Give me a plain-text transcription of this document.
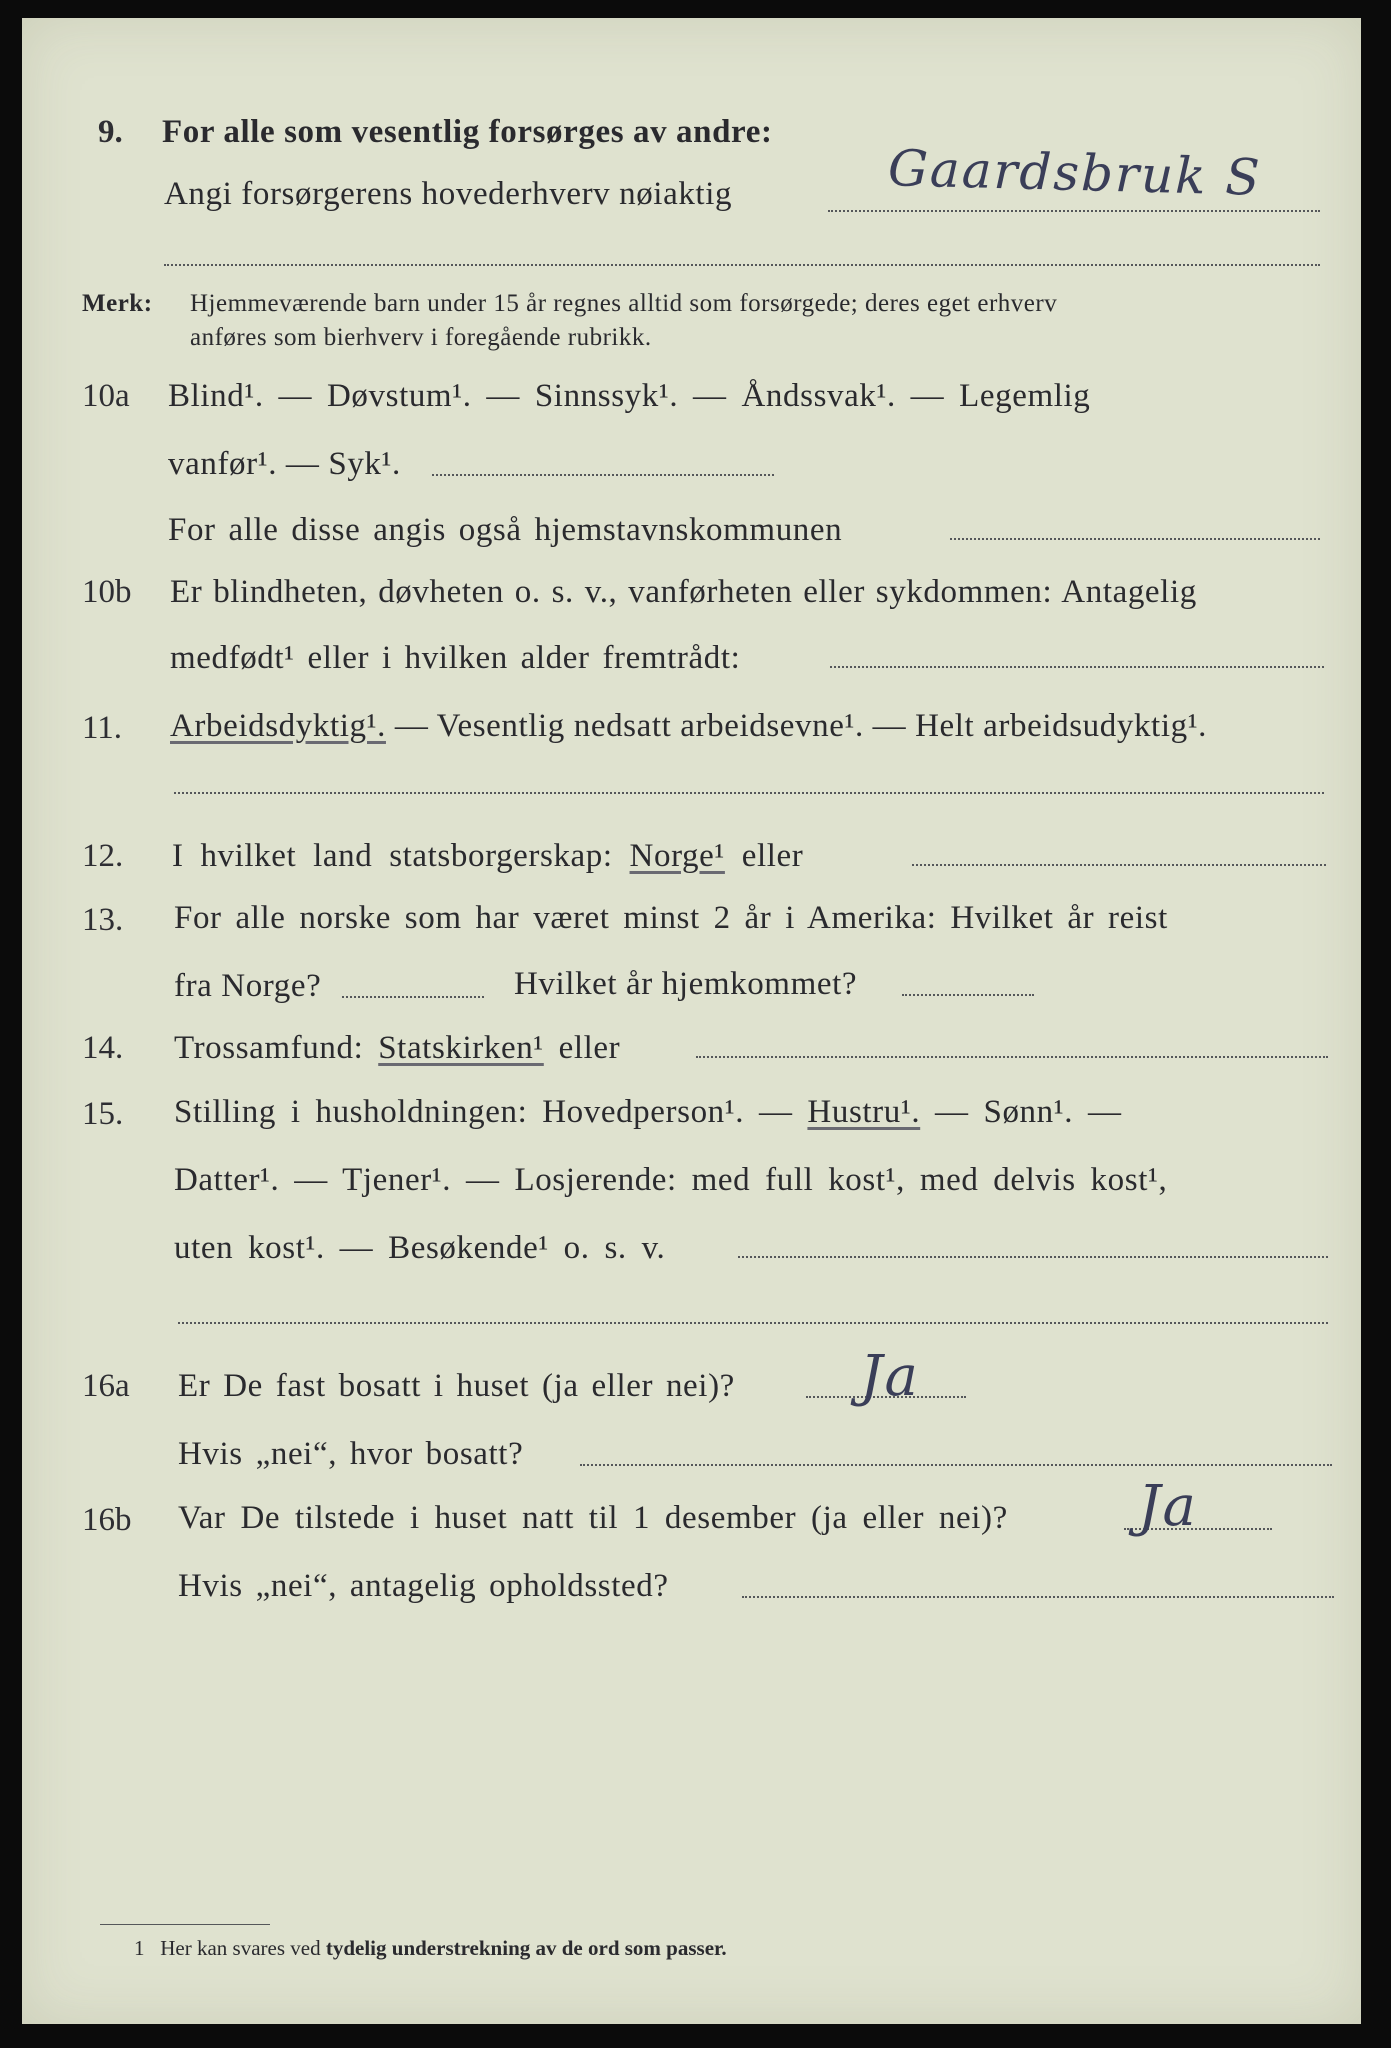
9. For alle som vesentlig forsørges av andre:
Angi forsørgerens hovederhverv nøiaktig	Gaardsbruk S
Merk: Hjemmeværende barn under 15 år regnes alltid som forsørgede; deres eget erhverv
anføres som bierhverv i foregående rubrikk.
10a Blind¹. — Døvstum¹. — Sinnssyk¹. — Åndssvak¹. — Legemlig
vanfør¹. — Syk¹.
For alle disse angis også hjemstavnskommunen
10b Er blindheten, døvheten o. s. v., vanførheten eller sykdommen: Antagelig
medfødt¹ eller i hvilken alder fremtrådt:
11. Arbeidsdyktig¹. — Vesentlig nedsatt arbeidsevne¹. — Helt arbeidsudyktig¹.
12. I hvilket land statsborgerskap: Norge¹ eller
13. For alle norske som har været minst 2 år i Amerika: Hvilket år reist
fra Norge?	Hvilket år hjemkommet?
14. Trossamfund: Statskirken¹ eller
15. Stilling i husholdningen: Hovedperson¹. — Hustru¹. — Sønn¹. —
Datter¹. — Tjener¹. — Losjerende: med full kost¹, med delvis kost¹,
uten kost¹. — Besøkende¹ o. s. v.
16a Er De fast bosatt i huset (ja eller nei)? Ja
Hvis „nei“, hvor bosatt?
16b Var De tilstede i huset natt til 1 desember (ja eller nei)? Ja
Hvis „nei“, antagelig opholdssted?
1 Her kan svares ved tydelig understrekning av de ord som passer.
